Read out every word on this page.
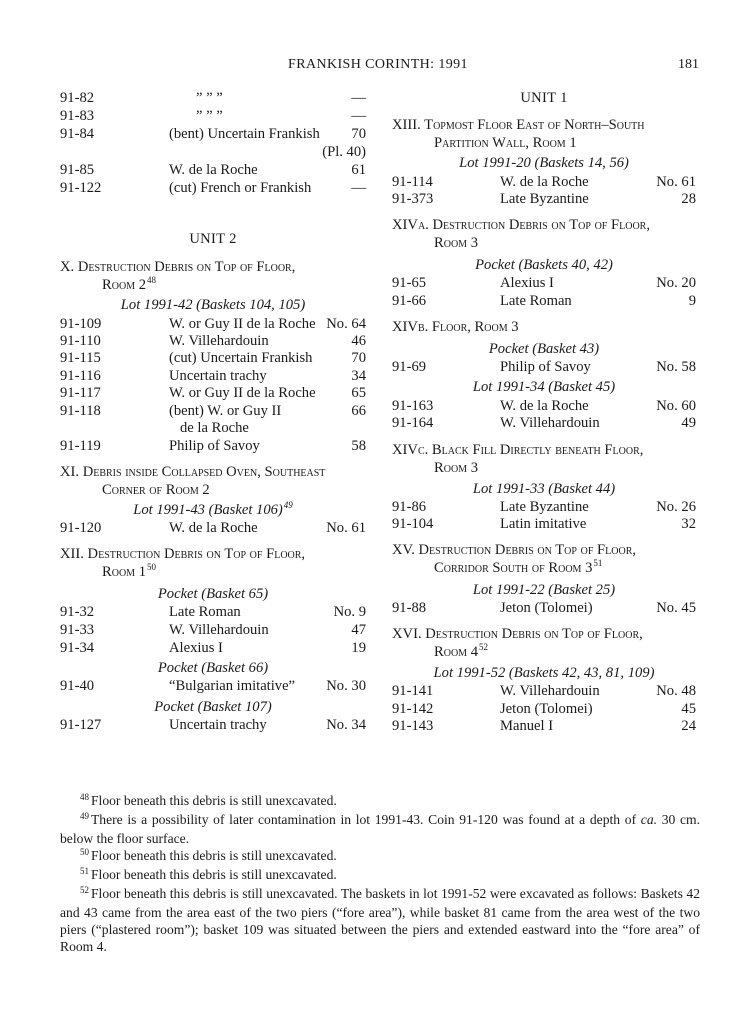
FRANKISH CORINTH: 1991	181
91-82	” ” ”	—
91-83	” ” ”	—
91-84	(bent) Uncertain Frankish 70
(Pl. 40)
91-85	W. de la Roche	61
91-122	(cut) French or Frankish	—
UNIT 2
X. Destruction Debris on Top of Floor,
Room $2^{48}$
Lot 1991-42 (Baskets 104, 105)
91-109	W. or Guy II de la Roche No. 64
91-110	W. Villehardouin	46
91-115	(cut) Uncertain Frankish	70
91-116	Uncertain trachy	34
91-117	W. or Guy II de la Roche 65
91-118	(bent) W. or Guy II	66
de la Roche
91-119	Philip of Savoy	58
XI. Debris inside Collapsed Oven, Southeast
Corner of Room 2
Lot 1991-43 (Basket 106)$^{49}$
91-120	W. de la Roche	No. 61
XII. Destruction Debris on Top of Floor,
Room $1^{50}$
Pocket (Basket 65)
91-32	Late Roman	No. 9
91-33	W. Villehardouin	47
91-34	Alexius I	19
Pocket (Basket 66)
91-40	“Bulgarian imitative” No. 30
Pocket (Basket 107)
91-127	Uncertain trachy	No. 34
UNIT 1
XIII. Topmost Floor East of North–South
Partition Wall, Room 1
Lot 1991-20 (Baskets 14, 56)
91-114	W. de la Roche	No. 61
91-373	Late Byzantine	28
XIVa. Destruction Debris on Top of Floor,
Room 3
Pocket (Baskets 40, 42)
91-65	Alexius I	No. 20
91-66	Late Roman	9
XIVb. Floor, Room 3
Pocket (Basket 43)
91-69	Philip of Savoy	No. 58
Lot 1991-34 (Basket 45)
91-163	W. de la Roche	No. 60
91-164	W. Villehardouin	49
XIVc. Black Fill Directly beneath Floor,
Room 3
Lot 1991-33 (Basket 44)
91-86	Late Byzantine	No. 26
91-104	Latin imitative	32
XV. Destruction Debris on Top of Floor,
Corridor South of Room $3^{51}$
Lot 1991-22 (Basket 25)
91-88	Jeton (Tolomei)	No. 45
XVI. Destruction Debris on Top of Floor,
Room $4^{52}$
Lot 1991-52 (Baskets 42, 43, 81, 109)
91-141	W. Villehardouin	No. 48
91-142	Jeton (Tolomei)	45
91-143	Manuel I	24

$^{48}$ Floor beneath this debris is still unexcavated.

$^{49}$ There is a possibility of later contamination in lot 1991-43. Coin 91-120 was found at a depth of ca. 30 cm. below the floor surface.

$^{50}$ Floor beneath this debris is still unexcavated.

$^{51}$ Floor beneath this debris is still unexcavated.

$^{52}$ Floor beneath this debris is still unexcavated. The baskets in lot 1991-52 were excavated as follows: Baskets 42 and 43 came from the area east of the two piers (“fore area”), while basket 81 came from the area west of the two piers (“plastered room”); basket 109 was situated between the piers and extended eastward into the “fore area” of Room 4.
